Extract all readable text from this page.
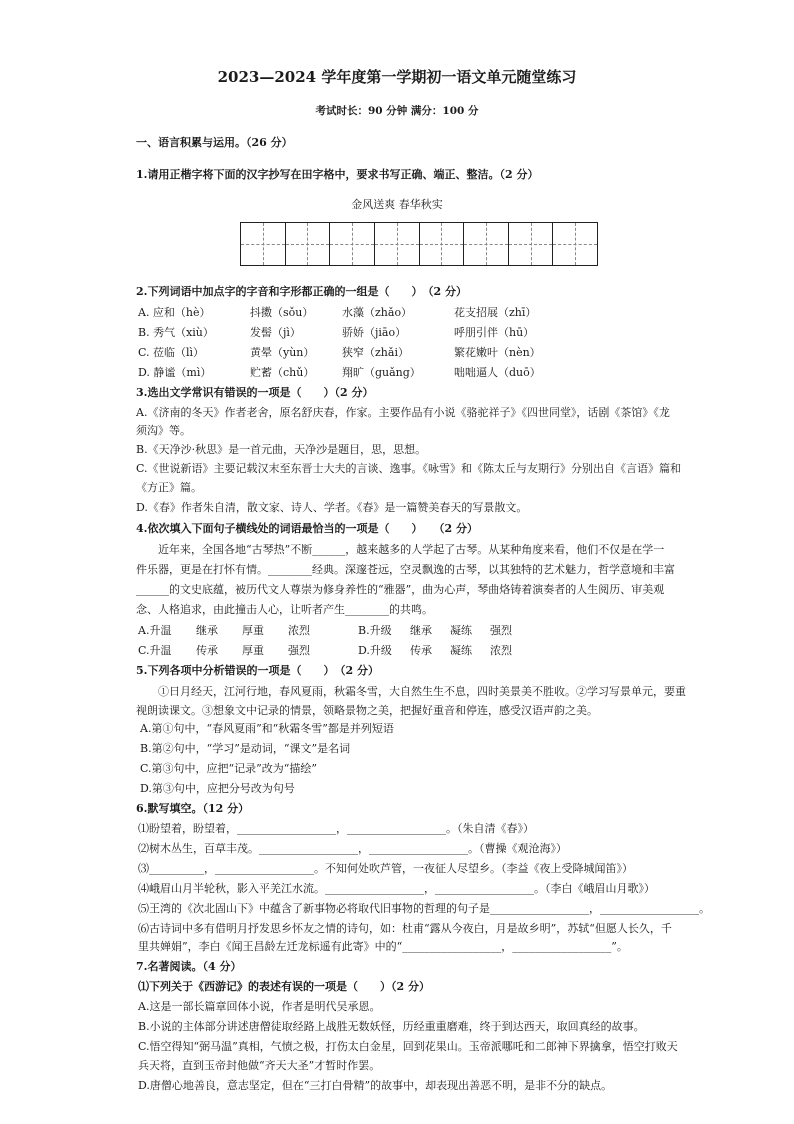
2023—2024 学年度第一学期初一语文单元随堂练习
考试时长：90 分钟 满分：100 分
一、语言积累与运用。（26 分）
1.请用正楷字将下面的汉字抄写在田字格中，要求书写正确、端正、整洁。（2 分）
金风送爽 春华秋实
2.下列词语中加点字的字音和字形都正确的一组是（　　）　（2 分）
A. 应和（hè）	抖擞（sǒu）	水藻（zhǎo）	花支招展（zhī）
B. 秀气（xiù）	发髻（jì）	骄娇（jiāo）	呼朋引伴（hū）
C. 莅临（lì）	黄晕（yùn）	狭窄（zhǎi）	繁花嫩叶（nèn）
D. 静谧（mì）	贮蓄（chǔ）	翔旷（guǎng）	咄咄逼人（duō）
3.选出文学常识有错误的一项是（　　）（2 分）
A.《济南的冬天》作者老舍，原名舒庆春，作家。主要作品有小说《骆驼祥子》《四世同堂》，话剧《茶馆》《龙
须沟》等。
B.《天净沙·秋思》是一首元曲，天净沙是题目，思，思想。
C.《世说新语》主要记载汉末至东晋士大夫的言谈、逸事。《咏雪》和《陈太丘与友期行》分别出自《言语》篇和
《方正》篇。
D.《春》作者朱自清，散文家、诗人、学者。《春》是一篇赞美春天的写景散文。
4.依次填入下面句子横线处的词语最恰当的一项是（　　）　　（2 分）
　　近年来，全国各地“古琴热”不断______，越来越多的人学起了古琴。从某种角度来看，他们不仅是在学一
件乐器，更是在打怀有情。________经典。深邃苍远，空灵飘逸的古琴，以其独特的艺术魅力，哲学意境和丰富
______的文史底蕴，被历代文人尊崇为修身养性的“雅器”，曲为心声，琴曲烙铸着演奏者的人生阅历、审美观
念、人格追求，由此撞击人心，让听者产生________的共鸣。
A.升温 继承 厚重 浓烈	B.升级 继承 凝练 强烈
C.升温 传承 厚重 强烈	D.升级 传承 凝练 浓烈
5.下列各项中分析错误的一项是（　　）　（2 分）
　　①日月经天，江河行地，春风夏雨，秋霜冬雪，大自然生生不息，四时美景美不胜收。②学习写景单元，要重
视朗读课文。③想象文中记录的情景，领略景物之美，把握好重音和停连，感受汉语声韵之美。
A.第①句中，“春风夏雨”和“秋霜冬雪”都是并列短语
B.第②句中，“学习”是动词，“课文”是名词
C.第③句中，应把“记录”改为“描绘”
D.第③句中，应把分号改为句号
6.默写填空。（12 分）
⑴盼望着，盼望着，__________________，__________________。（朱自清《春》）
⑵树木丛生，百草丰茂。__________________，__________________。（曹操《观沧海》）
⑶__________，__________________。不知何处吹芦管，一夜征人尽望乡。（李益《夜上受降城闻笛》）
⑷峨眉山月半轮秋，影入平羌江水流。__________________，__________________。（李白《峨眉山月歌》）
⑸王湾的《次北固山下》中蕴含了新事物必将取代旧事物的哲理的句子是__________________，__________________。
⑹古诗词中多有借明月抒发思乡怀友之情的诗句，如：杜甫“露从今夜白，月是故乡明”，苏轼“但愿人长久，千
里共婵娟”，李白《闻王昌龄左迁龙标遥有此寄》中的“__________________，__________________”。
7.名著阅读。（4 分）
⑴下列关于《西游记》的表述有误的一项是（　　）（2 分）
A.这是一部长篇章回体小说，作者是明代吴承恩。
B.小说的主体部分讲述唐僧徒取经路上战胜无数妖怪，历经重重磨难，终于到达西天，取回真经的故事。
C.悟空得知“弼马温”真相，气愤之极，打伤太白金星，回到花果山。玉帝派哪吒和二郎神下界擒拿，悟空打败天
兵天将，直到玉帝封他做“齐天大圣”才暂时作罢。
D.唐僧心地善良，意志坚定，但在“三打白骨精”的故事中，却表现出善恶不明，是非不分的缺点。
